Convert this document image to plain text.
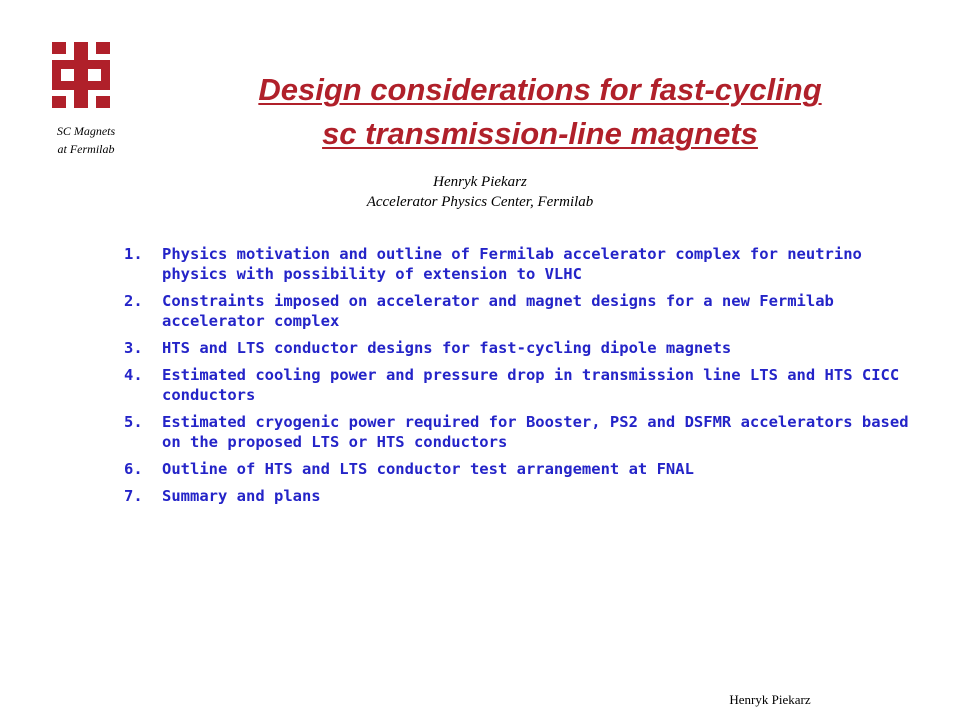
SC Magnets
at Fermilab
Design considerations for fast-cycling
sc transmission-line magnets
Henryk Piekarz
Accelerator Physics Center, Fermilab
1. Physics motivation and outline of Fermilab accelerator complex for neutrino physics with possibility of extension to VLHC
2. Constraints imposed on accelerator and magnet designs for a new Fermilab accelerator complex
3. HTS and LTS conductor designs for fast-cycling dipole magnets
4. Estimated cooling power and pressure drop in transmission line LTS and HTS CICC conductors
5. Estimated cryogenic power required for Booster, PS2 and DSFMR accelerators based on the proposed LTS or HTS conductors
6. Outline of HTS and LTS conductor test arrangement at FNAL
7. Summary and plans
Henryk Piekarz
